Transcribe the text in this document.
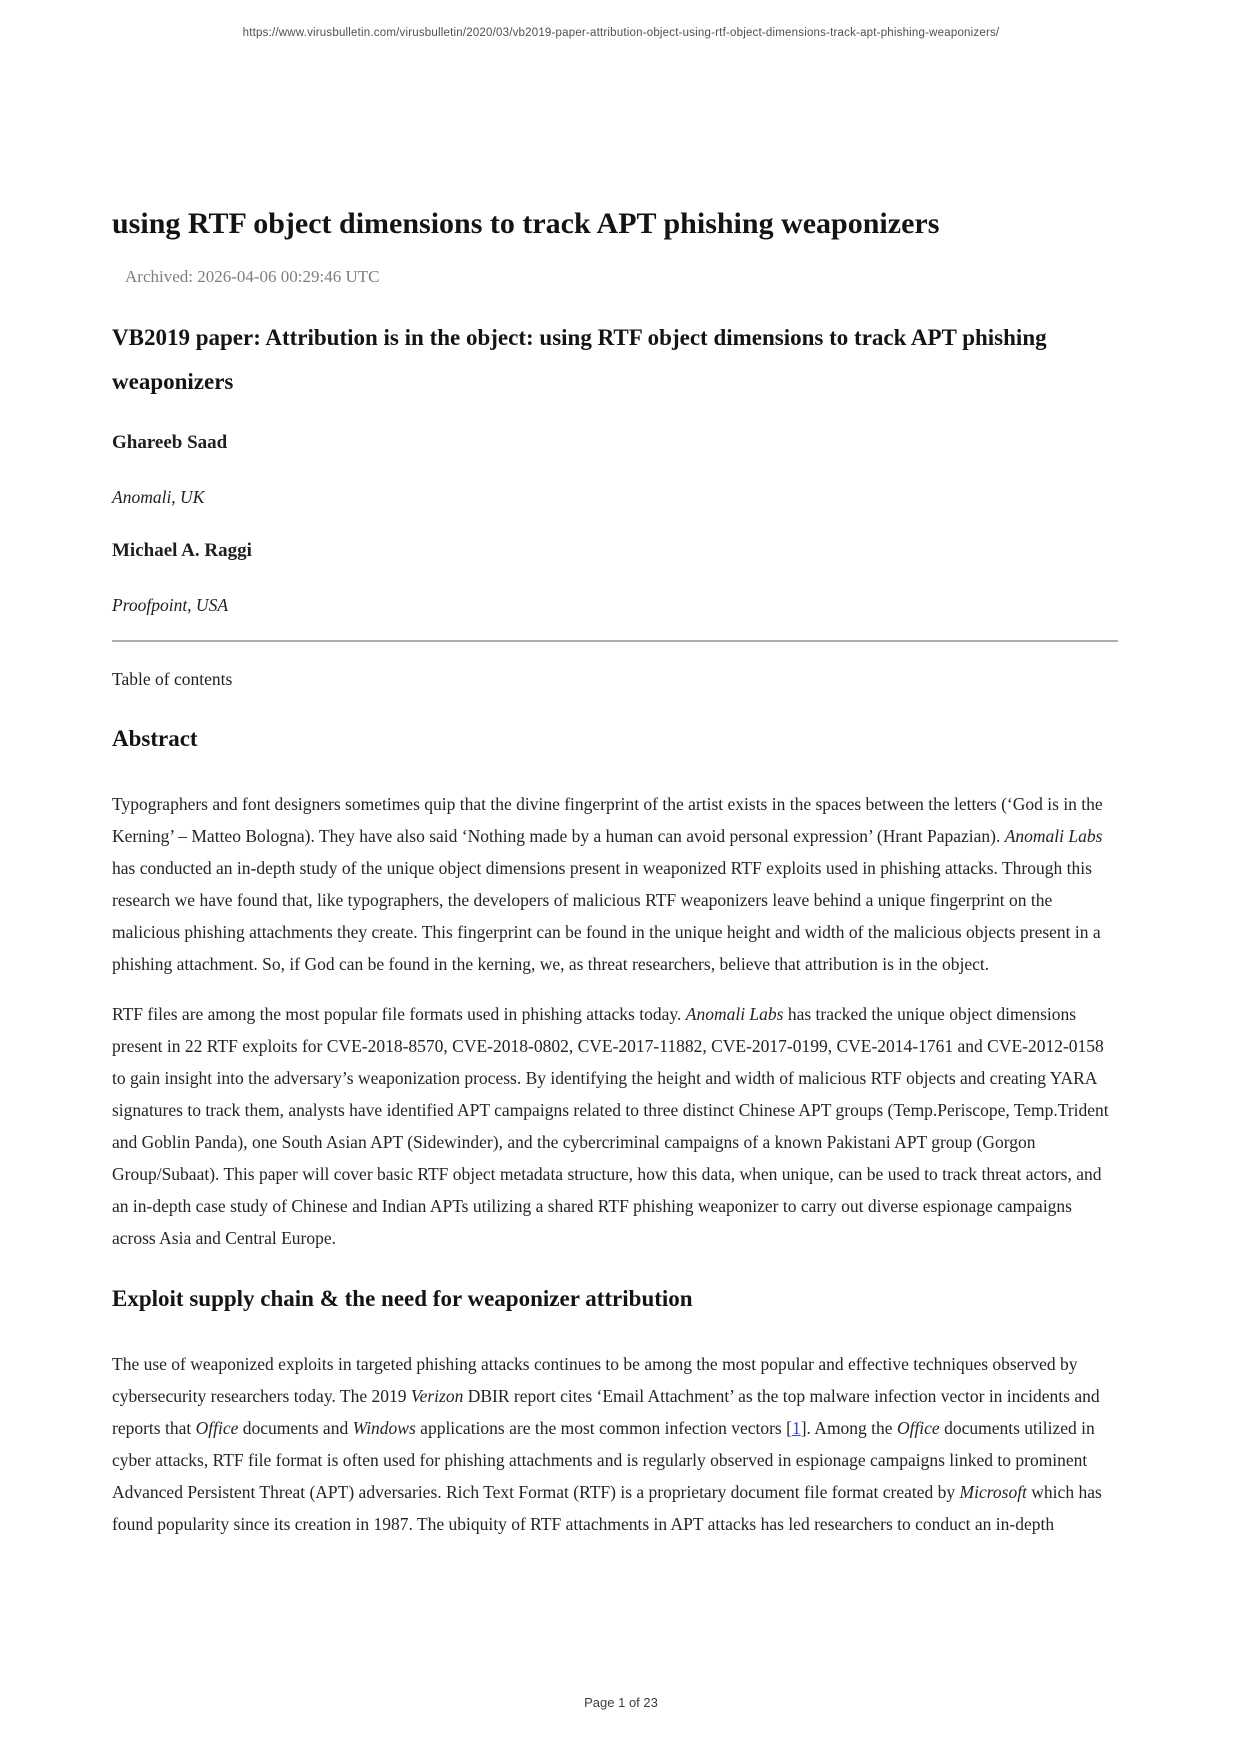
https://www.virusbulletin.com/virusbulletin/2020/03/vb2019-paper-attribution-object-using-rtf-object-dimensions-track-apt-phishing-weaponizers/
using RTF object dimensions to track APT phishing weaponizers

Archived: 2026-04-06 00:29:46 UTC

VB2019 paper: Attribution is in the object: using RTF object dimensions to track APT phishing weaponizers

Ghareeb Saad

Anomali, UK

Michael A. Raggi

Proofpoint, USA

Table of contents

Abstract

Typographers and font designers sometimes quip that the divine fingerprint of the artist exists in the spaces between the letters (‘God is in the Kerning’ – Matteo Bologna). They have also said ‘Nothing made by a human can avoid personal expression’ (Hrant Papazian). Anomali Labs has conducted an in-depth study of the unique object dimensions present in weaponized RTF exploits used in phishing attacks. Through this research we have found that, like typographers, the developers of malicious RTF weaponizers leave behind a unique fingerprint on the malicious phishing attachments they create. This fingerprint can be found in the unique height and width of the malicious objects present in a phishing attachment. So, if God can be found in the kerning, we, as threat researchers, believe that attribution is in the object.

RTF files are among the most popular file formats used in phishing attacks today. Anomali Labs has tracked the unique object dimensions present in 22 RTF exploits for CVE-2018-8570, CVE-2018-0802, CVE-2017-11882, CVE-2017-0199, CVE-2014-1761 and CVE-2012-0158 to gain insight into the adversary’s weaponization process. By identifying the height and width of malicious RTF objects and creating YARA signatures to track them, analysts have identified APT campaigns related to three distinct Chinese APT groups (Temp.Periscope, Temp.Trident and Goblin Panda), one South Asian APT (Sidewinder), and the cybercriminal campaigns of a known Pakistani APT group (Gorgon Group/Subaat). This paper will cover basic RTF object metadata structure, how this data, when unique, can be used to track threat actors, and an in-depth case study of Chinese and Indian APTs utilizing a shared RTF phishing weaponizer to carry out diverse espionage campaigns across Asia and Central Europe.

Exploit supply chain & the need for weaponizer attribution

The use of weaponized exploits in targeted phishing attacks continues to be among the most popular and effective techniques observed by cybersecurity researchers today. The 2019 Verizon DBIR report cites ‘Email Attachment’ as the top malware infection vector in incidents and reports that Office documents and Windows applications are the most common infection vectors [1]. Among the Office documents utilized in cyber attacks, RTF file format is often used for phishing attachments and is regularly observed in espionage campaigns linked to prominent Advanced Persistent Threat (APT) adversaries. Rich Text Format (RTF) is a proprietary document file format created by Microsoft which has found popularity since its creation in 1987. The ubiquity of RTF attachments in APT attacks has led researchers to conduct an in-depth

Page 1 of 23
